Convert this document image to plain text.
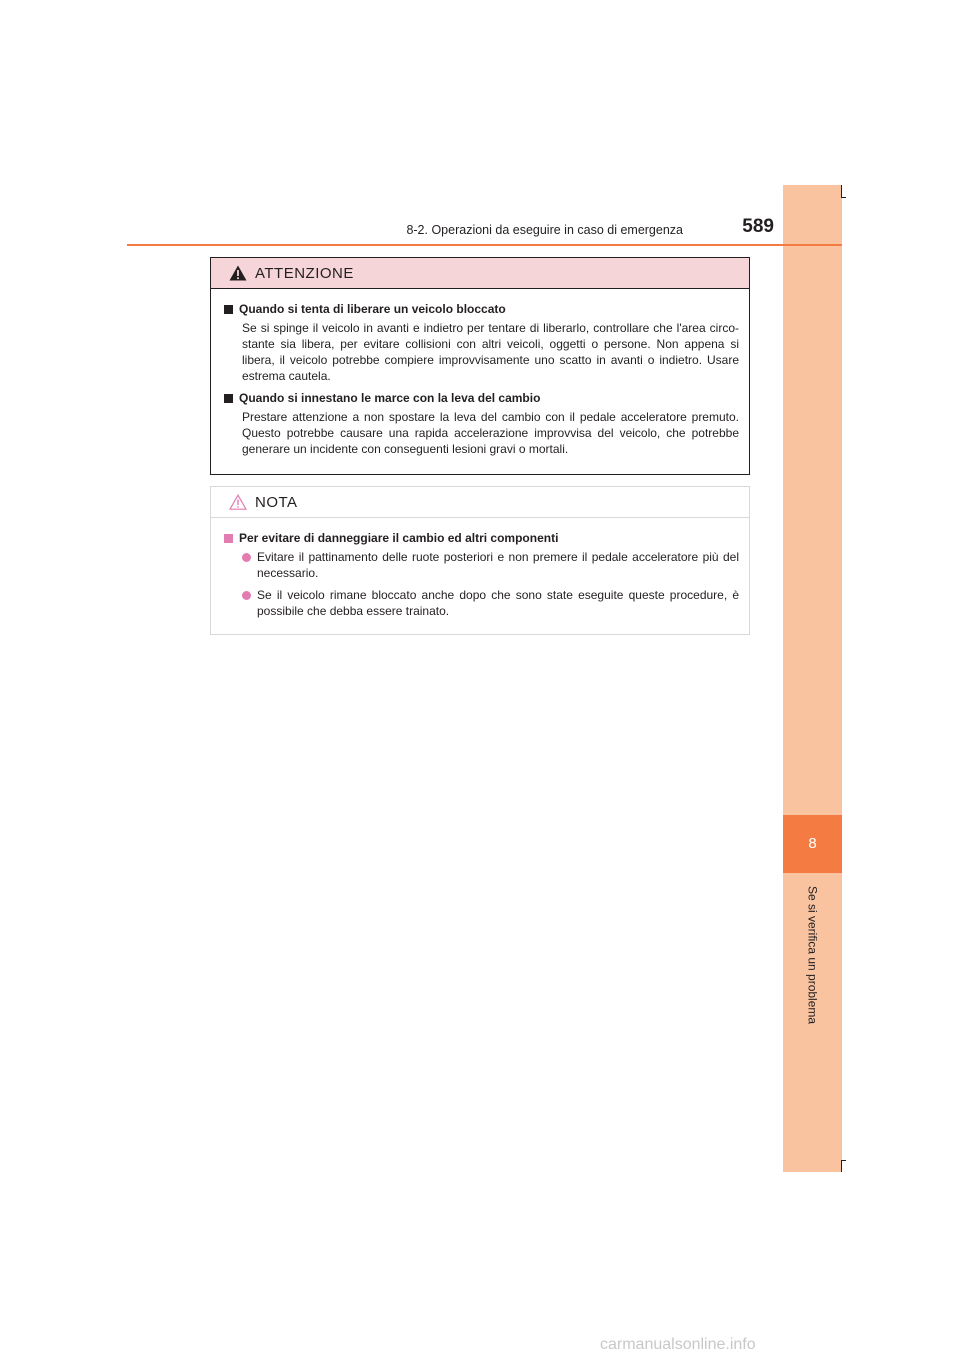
8
Se si verifica un problema
8-2. Operazioni da eseguire in caso di emergenza	589
ATTENZIONE
Quando si tenta di liberare un veicolo bloccato
Se si spinge il veicolo in avanti e indietro per tentare di liberarlo, controllare che l'area circo- stante sia libera, per evitare collisioni con altri veicoli, oggetti o persone. Non appena si libera, il veicolo potrebbe compiere improvvisamente uno scatto in avanti o indietro. Usare estrema cautela.
Quando si innestano le marce con la leva del cambio
Prestare attenzione a non spostare la leva del cambio con il pedale acceleratore premuto. Questo potrebbe causare una rapida accelerazione improvvisa del veicolo, che potrebbe generare un incidente con conseguenti lesioni gravi o mortali.
NOTA
Per evitare di danneggiare il cambio ed altri componenti
Evitare il pattinamento delle ruote posteriori e non premere il pedale acceleratore più del necessario.
Se il veicolo rimane bloccato anche dopo che sono state eseguite queste procedure, è possibile che debba essere trainato.
carmanualsonline.info
